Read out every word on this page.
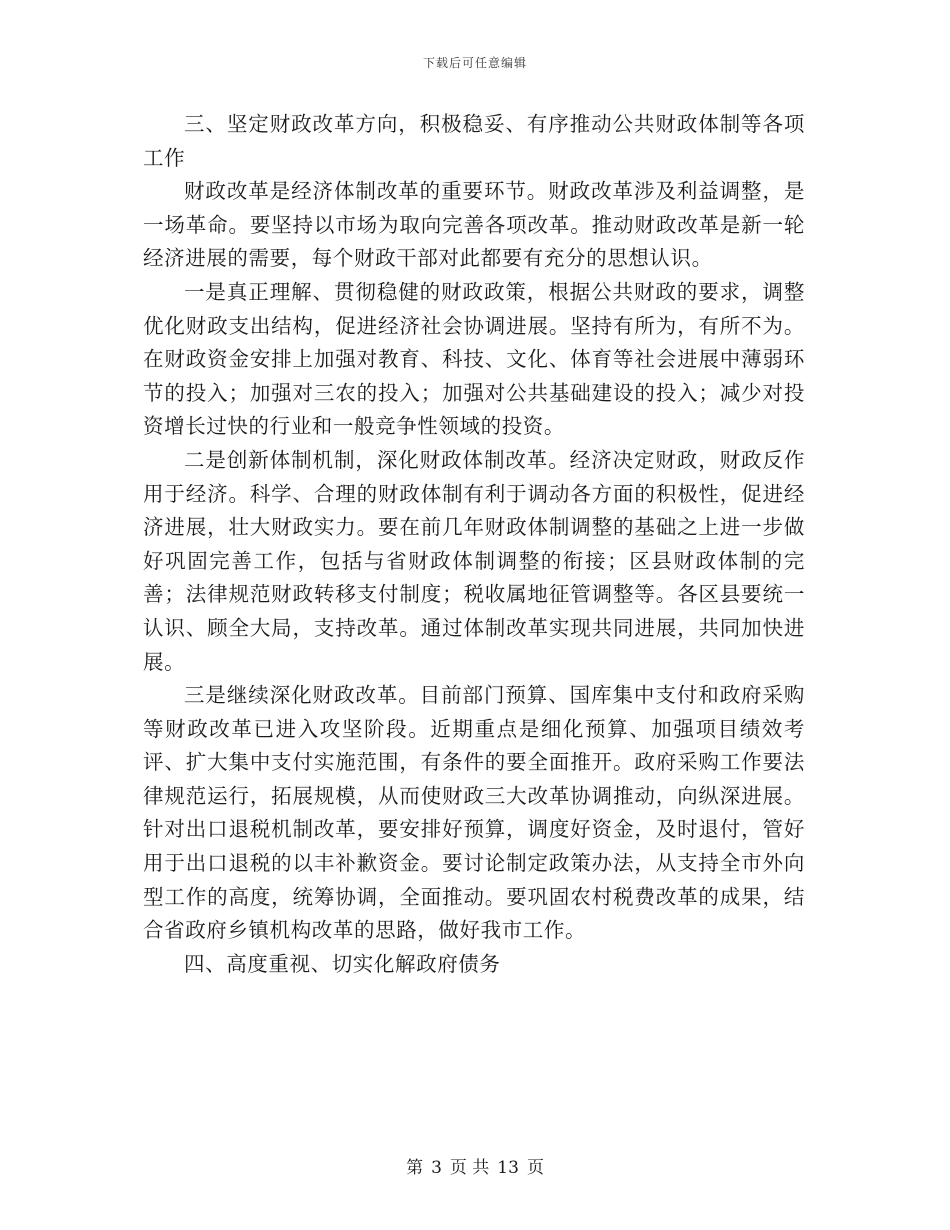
下载后可任意编辑

三、坚定财政改革方向，积极稳妥、有序推动公共财政体制等各项工作

财政改革是经济体制改革的重要环节。财政改革涉及利益调整，是一场革命。要坚持以市场为取向完善各项改革。推动财政改革是新一轮经济进展的需要，每个财政干部对此都要有充分的思想认识。

一是真正理解、贯彻稳健的财政政策，根据公共财政的要求，调整优化财政支出结构，促进经济社会协调进展。坚持有所为，有所不为。在财政资金安排上加强对教育、科技、文化、体育等社会进展中薄弱环节的投入；加强对三农的投入；加强对公共基础建设的投入；减少对投资增长过快的行业和一般竞争性领域的投资。

二是创新体制机制，深化财政体制改革。经济决定财政，财政反作用于经济。科学、合理的财政体制有利于调动各方面的积极性，促进经济进展，壮大财政实力。要在前几年财政体制调整的基础之上进一步做好巩固完善工作，包括与省财政体制调整的衔接；区县财政体制的完善；法律规范财政转移支付制度；税收属地征管调整等。各区县要统一认识、顾全大局，支持改革。通过体制改革实现共同进展，共同加快进展。

三是继续深化财政改革。目前部门预算、国库集中支付和政府采购等财政改革已进入攻坚阶段。近期重点是细化预算、加强项目绩效考评、扩大集中支付实施范围，有条件的要全面推开。政府采购工作要法律规范运行，拓展规模，从而使财政三大改革协调推动，向纵深进展。针对出口退税机制改革，要安排好预算，调度好资金，及时退付，管好用于出口退税的以丰补歉资金。要讨论制定政策办法，从支持全市外向型工作的高度，统筹协调，全面推动。要巩固农村税费改革的成果，结合省政府乡镇机构改革的思路，做好我市工作。

四、高度重视、切实化解政府债务

第 3 页 共 13 页
